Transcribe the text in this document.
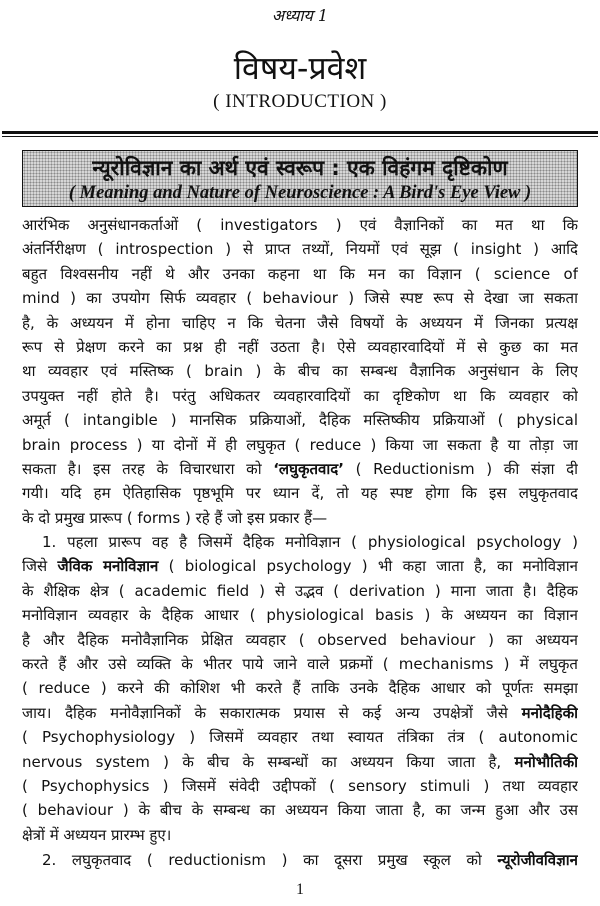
अध्याय 1
विषय-प्रवेश
( INTRODUCTION )
न्यूरोविज्ञान का अर्थ एवं स्वरूप : एक विहंगम दृष्टिकोण
( Meaning and Nature of Neuroscience : A Bird's Eye View )
आरंभिक अनुसंधानकर्ताओं ( investigators ) एवं वैज्ञानिकों का मत था कि
अंतर्निरीक्षण ( introspection ) से प्राप्त तथ्यों, नियमों एवं सूझ ( insight ) आदि
बहुत विश्वसनीय नहीं थे और उनका कहना था कि मन का विज्ञान ( science of
mind ) का उपयोग सिर्फ व्यवहार ( behaviour ) जिसे स्पष्ट रूप से देखा जा सकता
है, के अध्ययन में होना चाहिए न कि चेतना जैसे विषयों के अध्ययन में जिनका प्रत्यक्ष
रूप से प्रेक्षण करने का प्रश्न ही नहीं उठता है। ऐसे व्यवहारवादियों में से कुछ का मत
था व्यवहार एवं मस्तिष्क ( brain ) के बीच का सम्बन्ध वैज्ञानिक अनुसंधान के लिए
उपयुक्त नहीं होते है। परंतु अधिकतर व्यवहारवादियों का दृष्टिकोण था कि व्यवहार को
अमूर्त ( intangible ) मानसिक प्रक्रियाओं, दैहिक मस्तिष्कीय प्रक्रियाओं ( physical
brain process ) या दोनों में ही लघुकृत ( reduce ) किया जा सकता है या तोड़ा जा
सकता है। इस तरह के विचारधारा को ‘लघुकृतवाद’ ( Reductionism ) की संज्ञा दी
गयी। यदि हम ऐतिहासिक पृष्ठभूमि पर ध्यान दें, तो यह स्पष्ट होगा कि इस लघुकृतवाद
के दो प्रमुख प्रारूप ( forms ) रहे हैं जो इस प्रकार हैं—
1. पहला प्रारूप वह है जिसमें दैहिक मनोविज्ञान ( physiological psychology )
जिसे जैविक मनोविज्ञान ( biological psychology ) भी कहा जाता है, का मनोविज्ञान
के शैक्षिक क्षेत्र ( academic field ) से उद्भव ( derivation ) माना जाता है। दैहिक
मनोविज्ञान व्यवहार के दैहिक आधार ( physiological basis ) के अध्ययन का विज्ञान
है और दैहिक मनोवैज्ञानिक प्रेक्षित व्यवहार ( observed behaviour ) का अध्ययन
करते हैं और उसे व्यक्ति के भीतर पाये जाने वाले प्रक्रमों ( mechanisms ) में लघुकृत
( reduce ) करने की कोशिश भी करते हैं ताकि उनके दैहिक आधार को पूर्णतः समझा
जाय। दैहिक मनोवैज्ञानिकों के सकारात्मक प्रयास से कई अन्य उपक्षेत्रों जैसे मनोदैहिकी
( Psychophysiology ) जिसमें व्यवहार तथा स्वायत तंत्रिका तंत्र ( autonomic
nervous system ) के बीच के सम्बन्धों का अध्ययन किया जाता है, मनोभौतिकी
( Psychophysics ) जिसमें संवेदी उद्दीपकों ( sensory stimuli ) तथा व्यवहार
( behaviour ) के बीच के सम्बन्ध का अध्ययन किया जाता है, का जन्म हुआ और उस
क्षेत्रों में अध्ययन प्रारम्भ हुए।
2. लघुकृतवाद ( reductionism ) का दूसरा प्रमुख स्कूल को न्यूरोजीवविज्ञान
1
